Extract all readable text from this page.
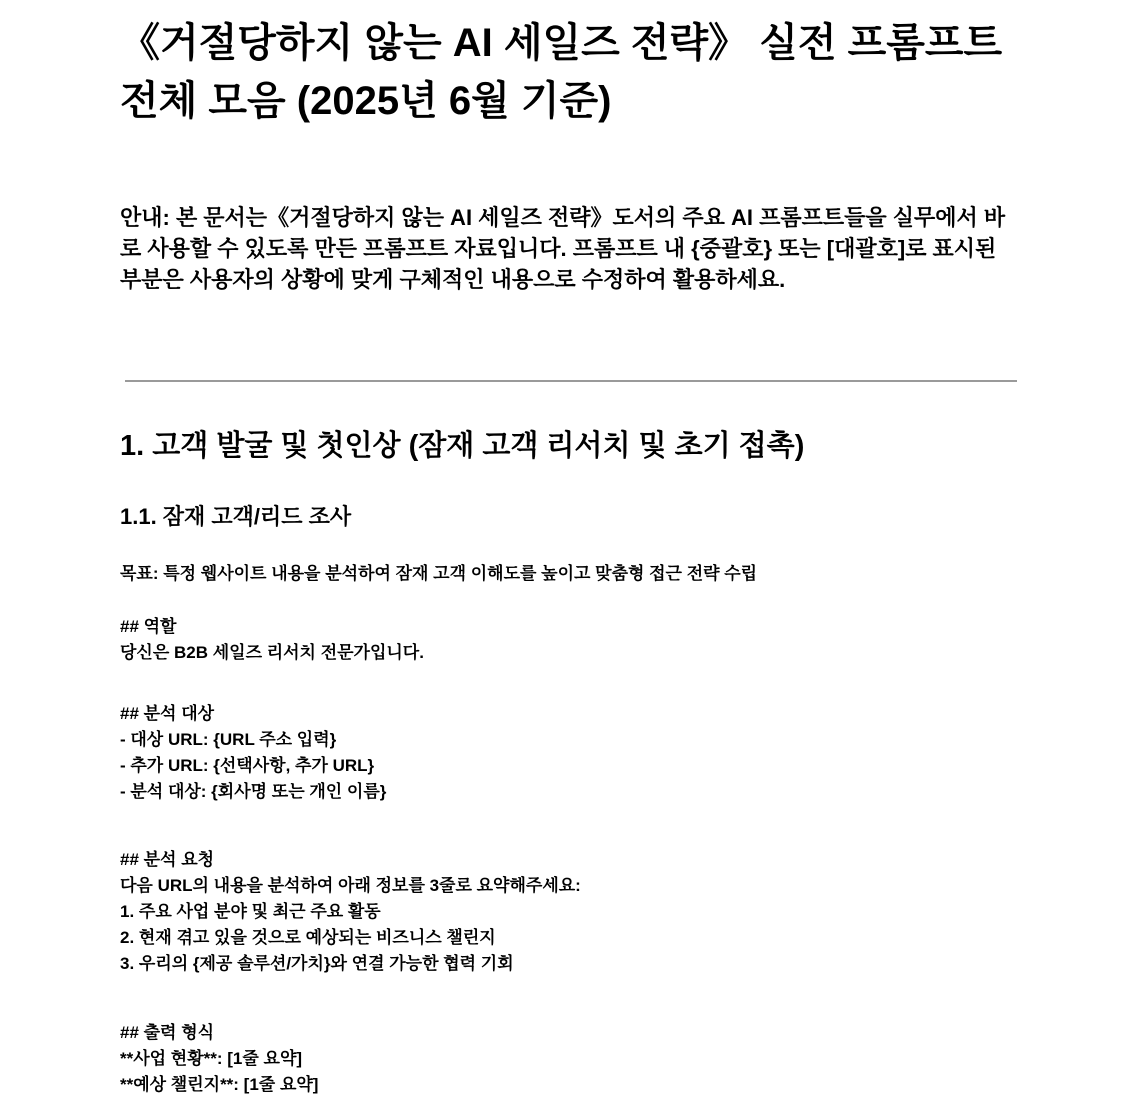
《거절당하지 않는 AI 세일즈 전략》 실전 프롬프트 전체 모음 (2025년 6월 기준)

안내: 본 문서는《거절당하지 않는 AI 세일즈 전략》도서의 주요 AI 프롬프트들을 실무에서 바로 사용할 수 있도록 만든 프롬프트 자료입니다. 프롬프트 내 {중괄호} 또는 [대괄호]로 표시된 부분은 사용자의 상황에 맞게 구체적인 내용으로 수정하여 활용하세요.

1. 고객 발굴 및 첫인상 (잠재 고객 리서치 및 초기 접촉)
1.1. 잠재 고객/리드 조사

목표: 특정 웹사이트 내용을 분석하여 잠재 고객 이해도를 높이고 맞춤형 접근 전략 수립

## 역할
당신은 B2B 세일즈 리서치 전문가입니다.
## 분석 대상
- 대상 URL: {URL 주소 입력}
- 추가 URL: {선택사항, 추가 URL}
- 분석 대상: {회사명 또는 개인 이름}
## 분석 요청
다음 URL의 내용을 분석하여 아래 정보를 3줄로 요약해주세요:
1. 주요 사업 분야 및 최근 주요 활동
2. 현재 겪고 있을 것으로 예상되는 비즈니스 챌린지
3. 우리의 {제공 솔루션/가치}와 연결 가능한 협력 기회
## 출력 형식
**사업 현황**: [1줄 요약]
**예상 챌린지**: [1줄 요약]
